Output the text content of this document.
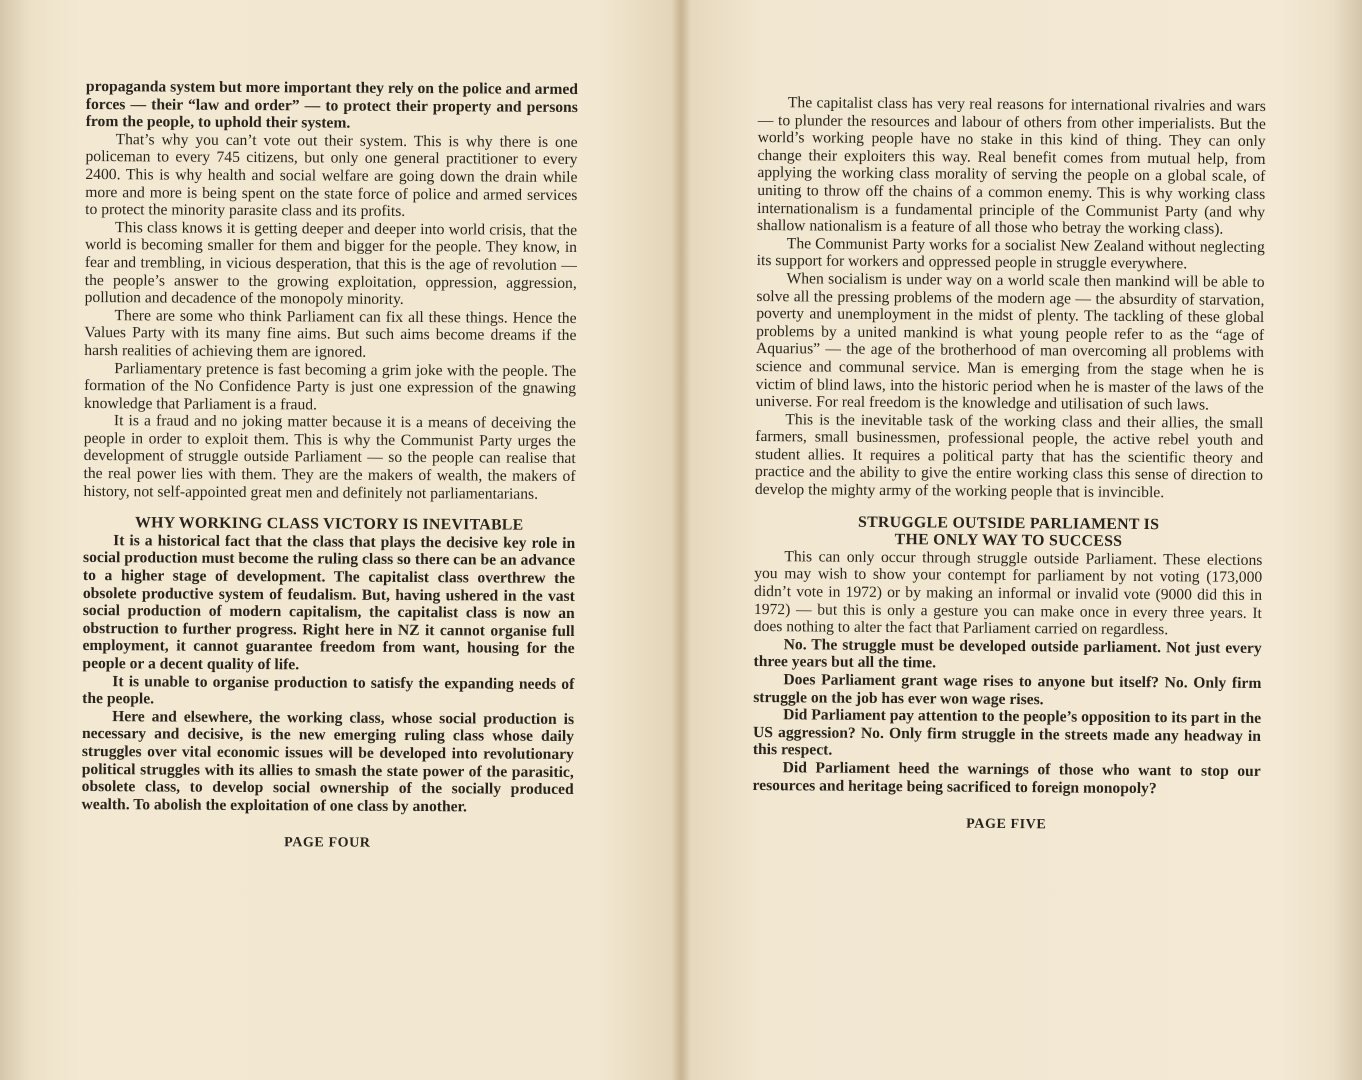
propaganda system but more important they rely on the police and armed forces — their “law and order” — to protect their property and persons from the people, to uphold their system.

That’s why you can’t vote out their system. This is why there is one policeman to every 745 citizens, but only one general practitioner to every 2400. This is why health and social welfare are going down the drain while more and more is being spent on the state force of police and armed services to protect the minority parasite class and its profits.

This class knows it is getting deeper and deeper into world crisis, that the world is becoming smaller for them and bigger for the people. They know, in fear and trembling, in vicious desperation, that this is the age of revolution — the people’s answer to the growing exploitation, oppression, aggression, pollution and decadence of the monopoly minority.

There are some who think Parliament can fix all these things. Hence the Values Party with its many fine aims. But such aims become dreams if the harsh realities of achieving them are ignored.

Parliamentary pretence is fast becoming a grim joke with the people. The formation of the No Confidence Party is just one expression of the gnawing knowledge that Parliament is a fraud.

It is a fraud and no joking matter because it is a means of deceiving the people in order to exploit them. This is why the Communist Party urges the development of struggle outside Parliament — so the people can realise that the real power lies with them. They are the makers of wealth, the makers of history, not self-appointed great men and definitely not parliamentarians.

WHY WORKING CLASS VICTORY IS INEVITABLE

It is a historical fact that the class that plays the decisive key role in social production must become the ruling class so there can be an advance to a higher stage of development. The capitalist class overthrew the obsolete productive system of feudalism. But, having ushered in the vast social production of modern capitalism, the capitalist class is now an obstruction to further progress. Right here in NZ it cannot organise full employment, it cannot guarantee freedom from want, housing for the people or a decent quality of life.

It is unable to organise production to satisfy the expanding needs of the people.

Here and elsewhere, the working class, whose social production is necessary and decisive, is the new emerging ruling class whose daily struggles over vital economic issues will be developed into revolutionary political struggles with its allies to smash the state power of the parasitic, obsolete class, to develop social ownership of the socially produced wealth. To abolish the exploitation of one class by another.

PAGE FOUR

The capitalist class has very real reasons for international rivalries and wars — to plunder the resources and labour of others from other imperialists. But the world’s working people have no stake in this kind of thing. They can only change their exploiters this way. Real benefit comes from mutual help, from applying the working class morality of serving the people on a global scale, of uniting to throw off the chains of a common enemy. This is why working class internationalism is a fundamental principle of the Communist Party (and why shallow nationalism is a feature of all those who betray the working class).

The Communist Party works for a socialist New Zealand without neglecting its support for workers and oppressed people in struggle everywhere.

When socialism is under way on a world scale then mankind will be able to solve all the pressing problems of the modern age — the absurdity of starvation, poverty and unemployment in the midst of plenty. The tackling of these global problems by a united mankind is what young people refer to as the “age of Aquarius” — the age of the brotherhood of man overcoming all problems with science and communal service. Man is emerging from the stage when he is victim of blind laws, into the historic period when he is master of the laws of the universe. For real freedom is the knowledge and utilisation of such laws.

This is the inevitable task of the working class and their allies, the small farmers, small businessmen, professional people, the active rebel youth and student allies. It requires a political party that has the scientific theory and practice and the ability to give the entire working class this sense of direction to develop the mighty army of the working people that is invincible.

STRUGGLE OUTSIDE PARLIAMENT IS
THE ONLY WAY TO SUCCESS

This can only occur through struggle outside Parliament. These elections you may wish to show your contempt for parliament by not voting (173,000 didn’t vote in 1972) or by making an informal or invalid vote (9000 did this in 1972) — but this is only a gesture you can make once in every three years. It does nothing to alter the fact that Parliament carried on regardless.

No. The struggle must be developed outside parliament. Not just every three years but all the time.

Does Parliament grant wage rises to anyone but itself? No. Only firm struggle on the job has ever won wage rises.

Did Parliament pay attention to the people’s opposition to its part in the US aggression? No. Only firm struggle in the streets made any headway in this respect.

Did Parliament heed the warnings of those who want to stop our resources and heritage being sacrificed to foreign monopoly?

PAGE FIVE
